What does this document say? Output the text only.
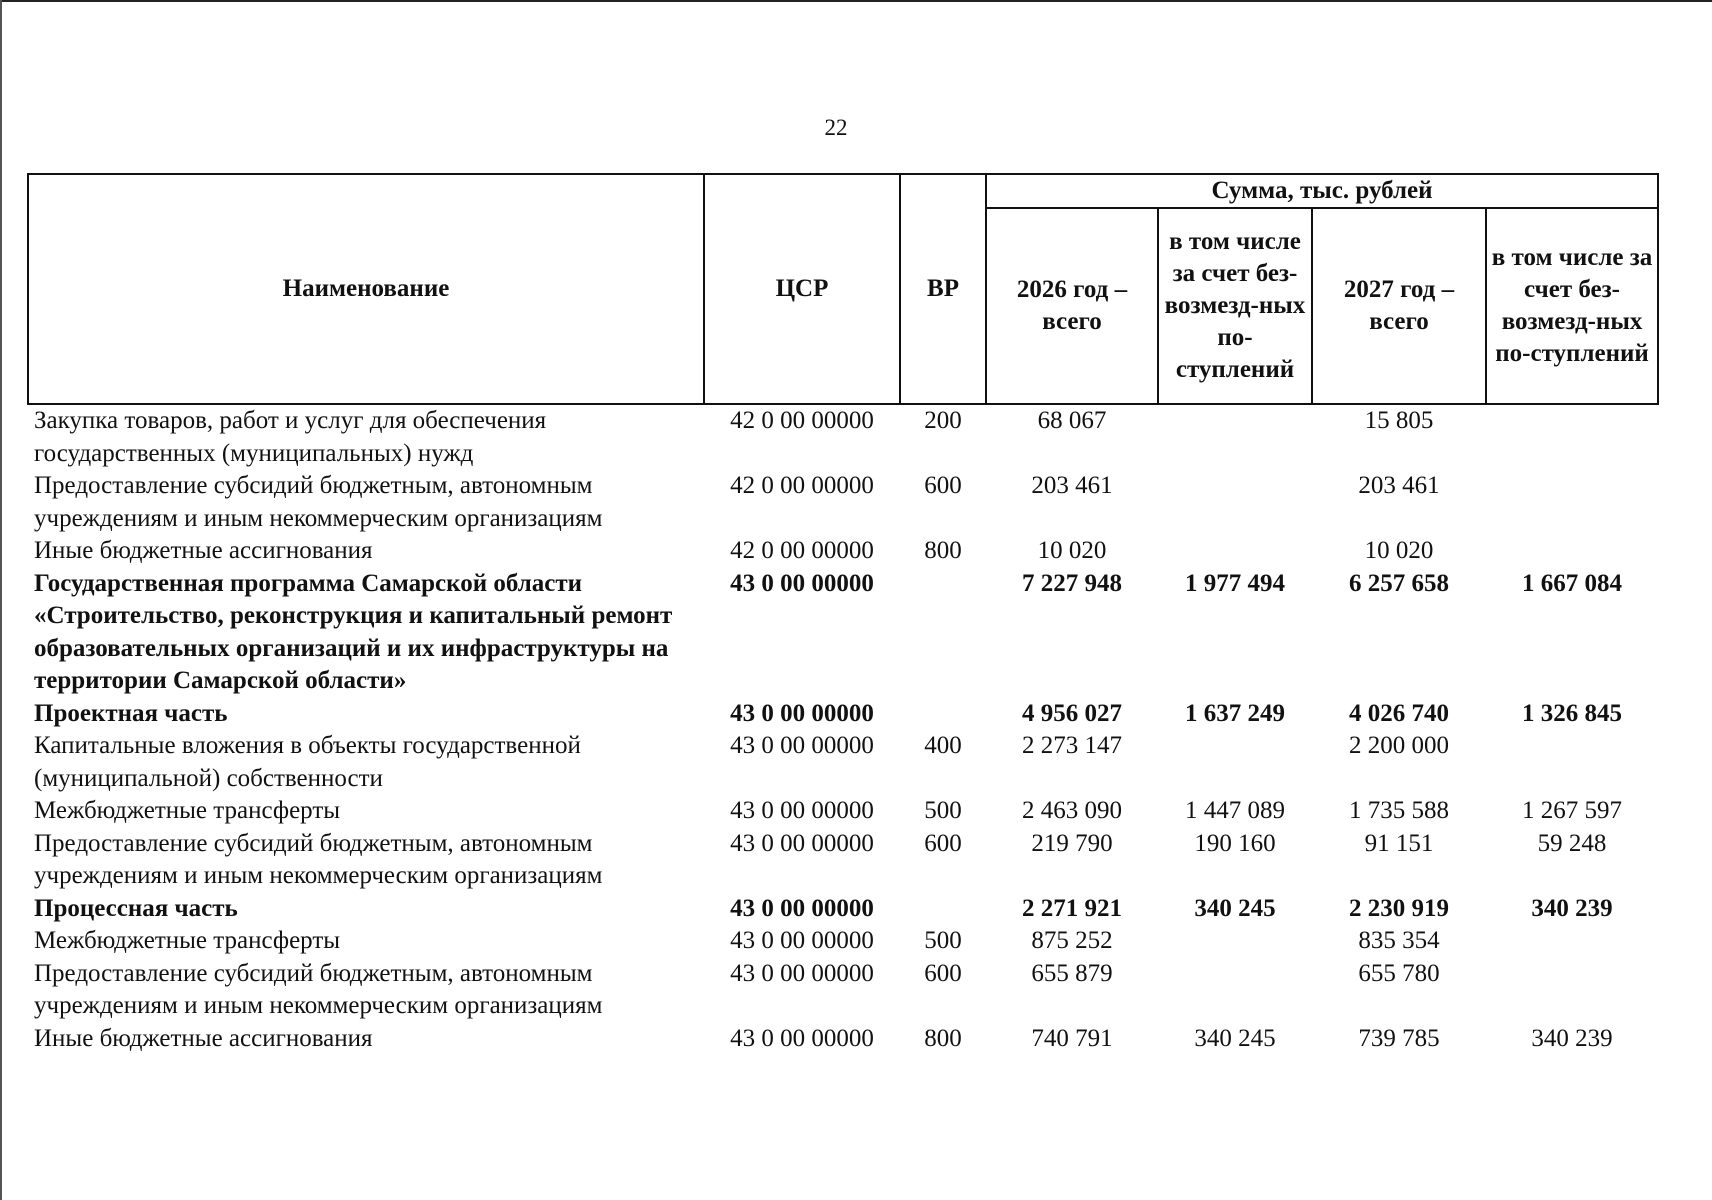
22
Наименование	ЦСР	ВР	Сумма, тыс. рублей			
			2026 год – всего	в том числе за счет без-возмезд-ных по-ступлений	2027 год – всего	в том числе за счет без-возмезд-ных по-ступлений
Закупка товаров, работ и услуг для обеспечения государственных (муниципальных) нужд	42 0 00 00000	200	68 067		15 805	
Предоставление субсидий бюджетным, автономным учреждениям и иным некоммерческим организациям	42 0 00 00000	600	203 461		203 461	
Иные бюджетные ассигнования	42 0 00 00000	800	10 020		10 020	
Государственная программа Самарской области «Строительство, реконструкция и капитальный ремонт образовательных организаций и их инфраструктуры на территории Самарской области»	43 0 00 00000		7 227 948	1 977 494	6 257 658	1 667 084
Проектная часть	43 0 00 00000		4 956 027	1 637 249	4 026 740	1 326 845
Капитальные вложения в объекты государственной (муниципальной) собственности	43 0 00 00000	400	2 273 147		2 200 000	
Межбюджетные трансферты	43 0 00 00000	500	2 463 090	1 447 089	1 735 588	1 267 597
Предоставление субсидий бюджетным, автономным учреждениям и иным некоммерческим организациям	43 0 00 00000	600	219 790	190 160	91 151	59 248
Процессная часть	43 0 00 00000		2 271 921	340 245	2 230 919	340 239
Межбюджетные трансферты	43 0 00 00000	500	875 252		835 354	
Предоставление субсидий бюджетным, автономным учреждениям и иным некоммерческим организациям	43 0 00 00000	600	655 879		655 780	
Иные бюджетные ассигнования	43 0 00 00000	800	740 791	340 245	739 785	340 239
